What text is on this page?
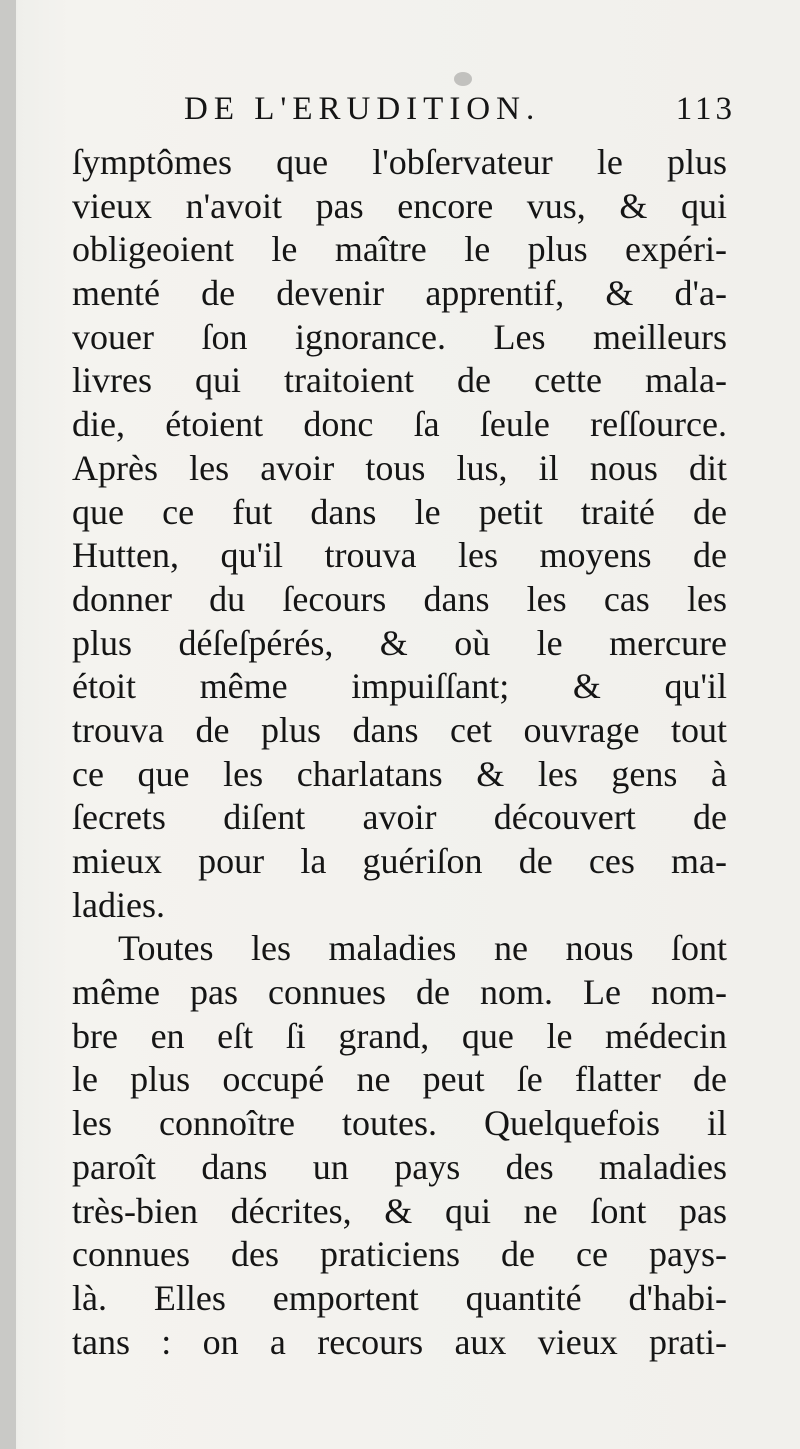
DE L'ERUDITION.	113
ſymptômes que l'obſervateur le plus
vieux n'avoit pas encore vus, & qui
obligeoient le maître le plus expéri-
menté de devenir apprentif, & d'a-
vouer ſon ignorance. Les meilleurs
livres qui traitoient de cette mala-
die, étoient donc ſa ſeule reſſource.
Après les avoir tous lus, il nous dit
que ce fut dans le petit traité de
Hutten, qu'il trouva les moyens de
donner du ſecours dans les cas les
plus déſeſpérés, & où le mercure
étoit même impuiſſant; & qu'il
trouva de plus dans cet ouvrage tout
ce que les charlatans & les gens à
ſecrets diſent avoir découvert de
mieux pour la guériſon de ces ma-
ladies.
Toutes les maladies ne nous ſont
même pas connues de nom. Le nom-
bre en eſt ſi grand, que le médecin
le plus occupé ne peut ſe flatter de
les connoître toutes. Quelquefois il
paroît dans un pays des maladies
très-bien décrites, & qui ne ſont pas
connues des praticiens de ce pays-
là. Elles emportent quantité d'habi-
tans : on a recours aux vieux prati-
